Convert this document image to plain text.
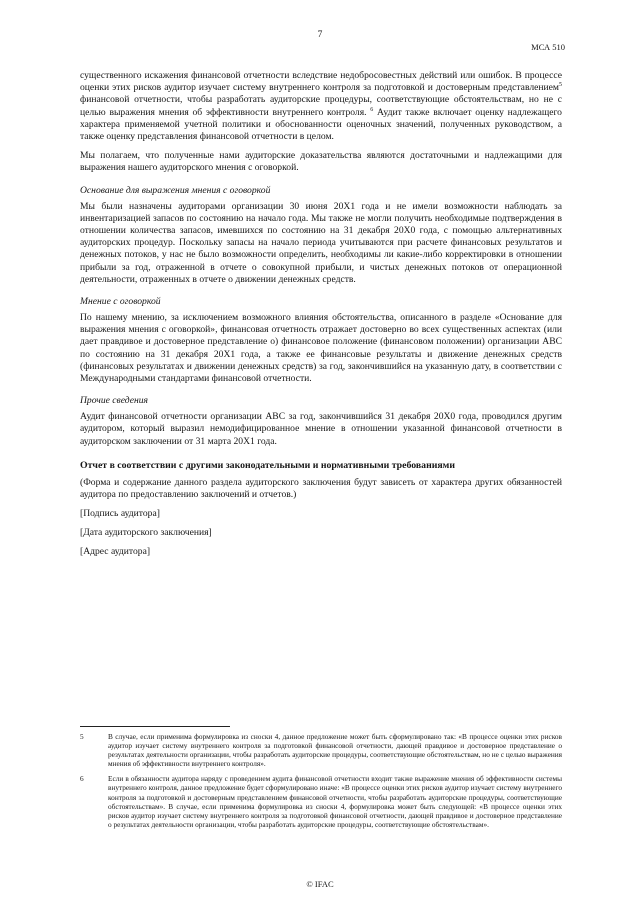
7
МСА 510

существенного искажения финансовой отчетности вследствие недобросовестных действий или ошибок. В процессе оценки этих рисков аудитор изучает систему внутреннего контроля за подготовкой и достоверным представлением$^5$ финансовой отчетности, чтобы разработать аудиторские процедуры, соответствующие обстоятельствам, но не с целью выражения мнения об эффективности внутреннего контроля. $^6$ Аудит также включает оценку надлежащего характера применяемой учетной политики и обоснованности оценочных значений, полученных руководством, а также оценку представления финансовой отчетности в целом.

Мы полагаем, что полученные нами аудиторские доказательства являются достаточными и надлежащими для выражения нашего аудиторского мнения с оговоркой.

Основание для выражения мнения с оговоркой

Мы были назначены аудиторами организации 30 июня 20Х1 года и не имели возможности наблюдать за инвентаризацией запасов по состоянию на начало года. Мы также не могли получить необходимые подтверждения в отношении количества запасов, имевшихся по состоянию на 31 декабря 20Х0 года, с помощью альтернативных аудиторских процедур. Поскольку запасы на начало периода учитываются при расчете финансовых результатов и денежных потоков, у нас не было возможности определить, необходимы ли какие-либо корректировки в отношении прибыли за год, отраженной в отчете о совокупной прибыли, и чистых денежных потоков от операционной деятельности, отраженных в отчете о движении денежных средств.

Мнение с оговоркой

По нашему мнению, за исключением возможного влияния обстоятельства, описанного в разделе «Основание для выражения мнения с оговоркой», финансовая отчетность отражает достоверно во всех существенных аспектах (или дает правдивое и достоверное представление о) финансовое положение (финансовом положении) организации АВС по состоянию на 31 декабря 20Х1 года, а также ее финансовые результаты и движение денежных средств (финансовых результатах и движении денежных средств) за год, закончившийся на указанную дату, в соответствии с Международными стандартами финансовой отчетности.

Прочие сведения

Аудит финансовой отчетности организации АВС за год, закончившийся 31 декабря 20Х0 года, проводился другим аудитором, который выразил немодифицированное мнение в отношении указанной финансовой отчетности в аудиторском заключении от 31 марта 20Х1 года.

Отчет в соответствии с другими законодательными и нормативными требованиями

(Форма и содержание данного раздела аудиторского заключения будут зависеть от характера других обязанностей аудитора по предоставлению заключений и отчетов.)

[Подпись аудитора]
[Дата аудиторского заключения]
[Адрес аудитора]
5	В случае, если применима формулировка из сноски 4, данное предложение может быть сформулировано так: «В процессе оценки этих рисков аудитор изучает систему внутреннего контроля за подготовкой финансовой отчетности, дающей правдивое и достоверное представление о результатах деятельности организации, чтобы разработать аудиторские процедуры, соответствующие обстоятельствам, но не с целью выражения мнения об эффективности внутреннего контроля».
6	Если в обязанности аудитора наряду с проведением аудита финансовой отчетности входит также выражение мнения об эффективности системы внутреннего контроля, данное предложение будет сформулировано иначе: «В процессе оценки этих рисков аудитор изучает систему внутреннего контроля за подготовкой и достоверным представлением финансовой отчетности, чтобы разработать аудиторские процедуры, соответствующие обстоятельствам». В случае, если применима формулировка из сноски 4, формулировка может быть следующей: «В процессе оценки этих рисков аудитор изучает систему внутреннего контроля за подготовкой финансовой отчетности, дающей правдивое и достоверное представление о результатах деятельности организации, чтобы разработать аудиторские процедуры, соответствующие обстоятельствам».
© IFAC
